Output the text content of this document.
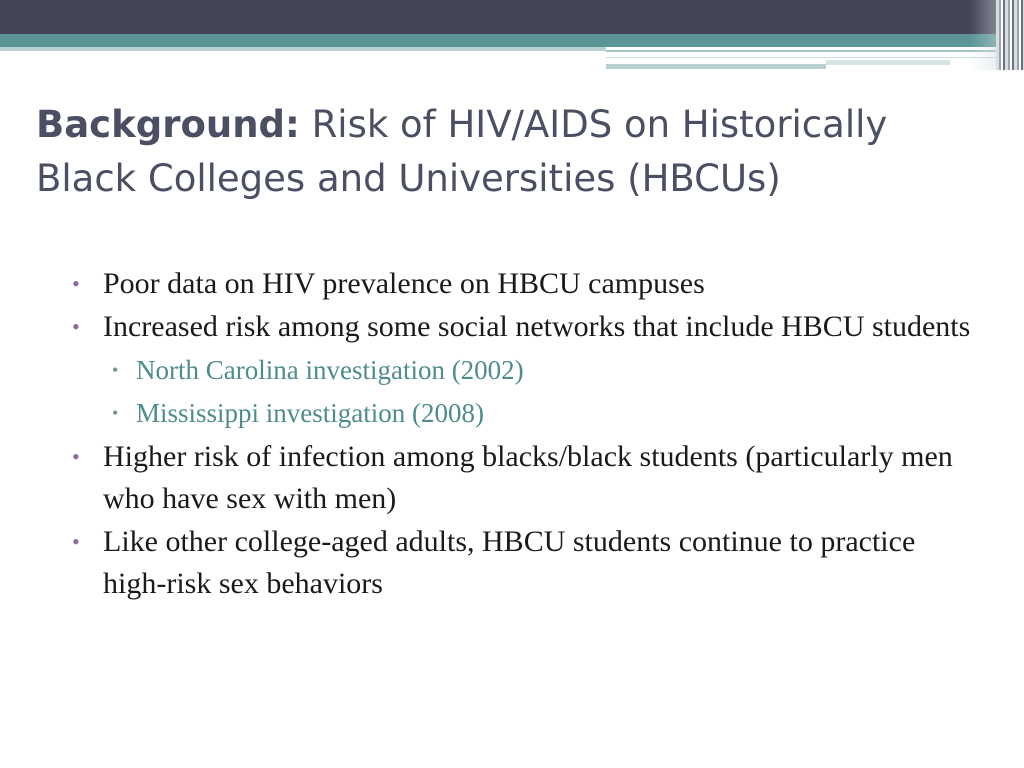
Background: Risk of HIV/AIDS on Historically Black Colleges and Universities (HBCUs)
• Poor data on HIV prevalence on HBCU campuses
• Increased risk among some social networks that include HBCU students
• North Carolina investigation (2002)
• Mississippi investigation (2008)
• Higher risk of infection among blacks/black students (particularly men who have sex with men)
• Like other college-aged adults, HBCU students continue to practice high-risk sex behaviors
